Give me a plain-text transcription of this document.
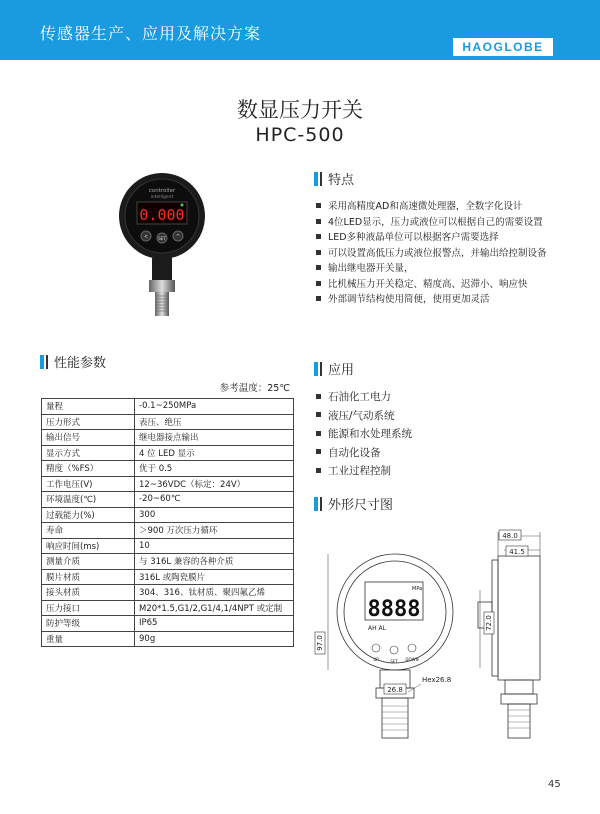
传感器生产、应用及解决方案
HAOGLOBE
数显压力开关
HPC-500
controller
intelligent
0.000
<	SET ^
特点
采用高精度AD和高速微处理器，全数字化设计
4位LED显示，压力或液位可以根据自己的需要设置
LED多种液晶单位可以根据客户需要选择
可以设置高低压力或液位报警点，并输出给控制设备
输出继电器开关量，
比机械压力开关稳定、精度高、迟滞小、响应快
外部调节结构使用简便，使用更加灵活
性能参数
参考温度：25℃
量程	-0.1~250MPa
压力形式	表压、绝压
输出信号	继电器接点输出
显示方式	4 位 LED 显示
精度（%FS）	优于 0.5
工作电压(V)	12~36VDC（标定：24V）
环境温度(℃)	-20~60℃
过载能力(%)	300
寿命	＞900 万次压力循环
响应时间(ms)	10
测量介质	与 316L 兼容的各种介质
膜片材质	316L 或陶瓷膜片
接头材质	304、316、钛材质、聚四氟乙烯
压力接口	M20*1.5,G1/2,G1/4,1/4NPT 或定制
防护等级	IP65
重量	90g
应用
石油化工电力
液压/气动系统
能源和水处理系统
自动化设备
工业过程控制
外形尺寸图
48.0
41.5
97.0
72.0
26.8
Hex26.8
8888
MPa
AH AL
UP	SET DOWN
45
